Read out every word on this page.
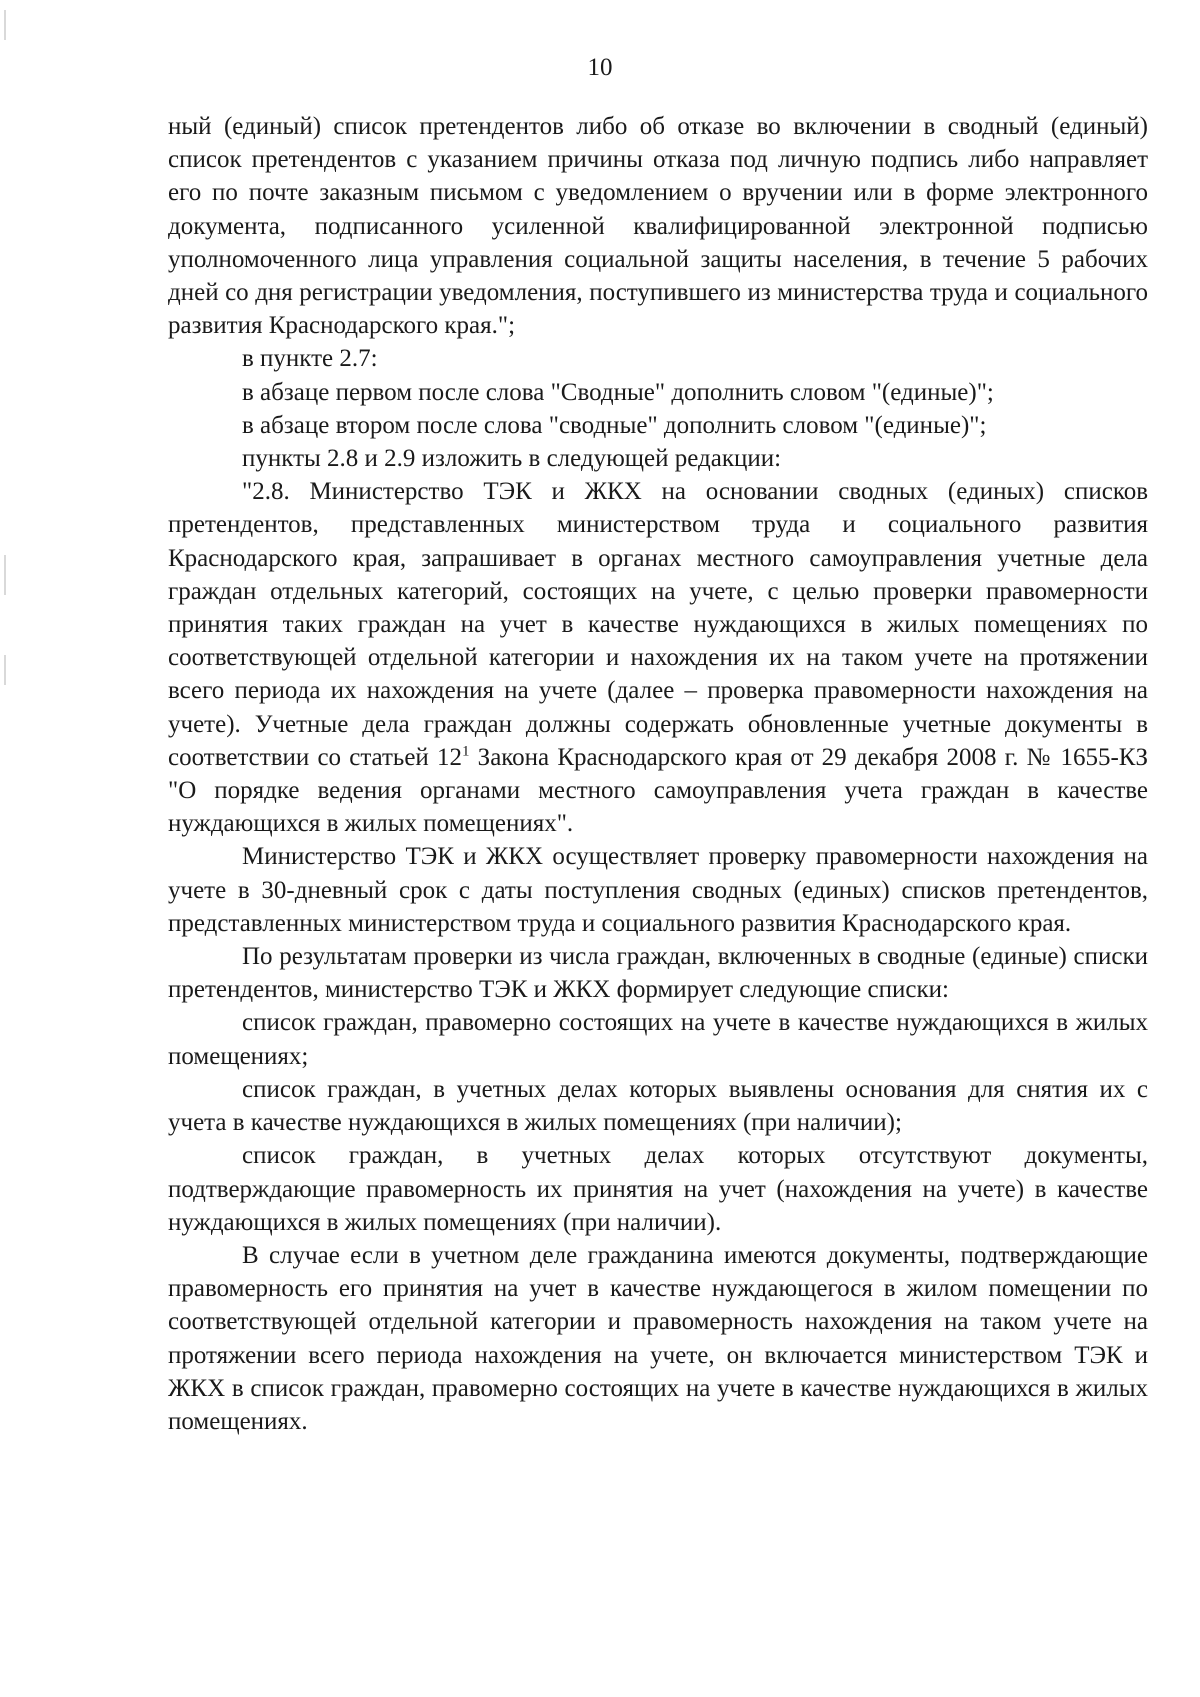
10

ный (единый) список претендентов либо об отказе во включении в сводный (единый) список претендентов с указанием причины отказа под личную подпись либо направляет его по почте заказным письмом с уведомлением о вручении или в форме электронного документа, подписанного усиленной квалифицированной электронной подписью уполномоченного лица управления социальной защиты населения, в течение 5 рабочих дней со дня регистрации уведомления, поступившего из министерства труда и социального развития Краснодарского края.";

в пункте 2.7:

в абзаце первом после слова "Сводные" дополнить словом "(единые)";

в абзаце втором после слова "сводные" дополнить словом "(единые)";

пункты 2.8 и 2.9 изложить в следующей редакции:

"2.8. Министерство ТЭК и ЖКХ на основании сводных (единых) списков претендентов, представленных министерством труда и социального развития Краснодарского края, запрашивает в органах местного самоуправления учетные дела граждан отдельных категорий, состоящих на учете, с целью проверки правомерности принятия таких граждан на учет в качестве нуждающихся в жилых помещениях по соответствующей отдельной категории и нахождения их на таком учете на протяжении всего периода их нахождения на учете (далее – проверка правомерности нахождения на учете). Учетные дела граждан должны содержать обновленные учетные документы в соответствии со статьей $12^1$ Закона Краснодарского края от 29 декабря 2008 г. № 1655-КЗ "О порядке ведения органами местного самоуправления учета граждан в качестве нуждающихся в жилых помещениях".

Министерство ТЭК и ЖКХ осуществляет проверку правомерности нахождения на учете в 30-дневный срок с даты поступления сводных (единых) списков претендентов, представленных министерством труда и социального развития Краснодарского края.

По результатам проверки из числа граждан, включенных в сводные (единые) списки претендентов, министерство ТЭК и ЖКХ формирует следующие списки:

список граждан, правомерно состоящих на учете в качестве нуждающихся в жилых помещениях;

список граждан, в учетных делах которых выявлены основания для снятия их с учета в качестве нуждающихся в жилых помещениях (при наличии);

список граждан, в учетных делах которых отсутствуют документы, подтверждающие правомерность их принятия на учет (нахождения на учете) в качестве нуждающихся в жилых помещениях (при наличии).

В случае если в учетном деле гражданина имеются документы, подтверждающие правомерность его принятия на учет в качестве нуждающегося в жилом помещении по соответствующей отдельной категории и правомерность нахождения на таком учете на протяжении всего периода нахождения на учете, он включается министерством ТЭК и ЖКХ в список граждан, правомерно состоящих на учете в качестве нуждающихся в жилых помещениях.
